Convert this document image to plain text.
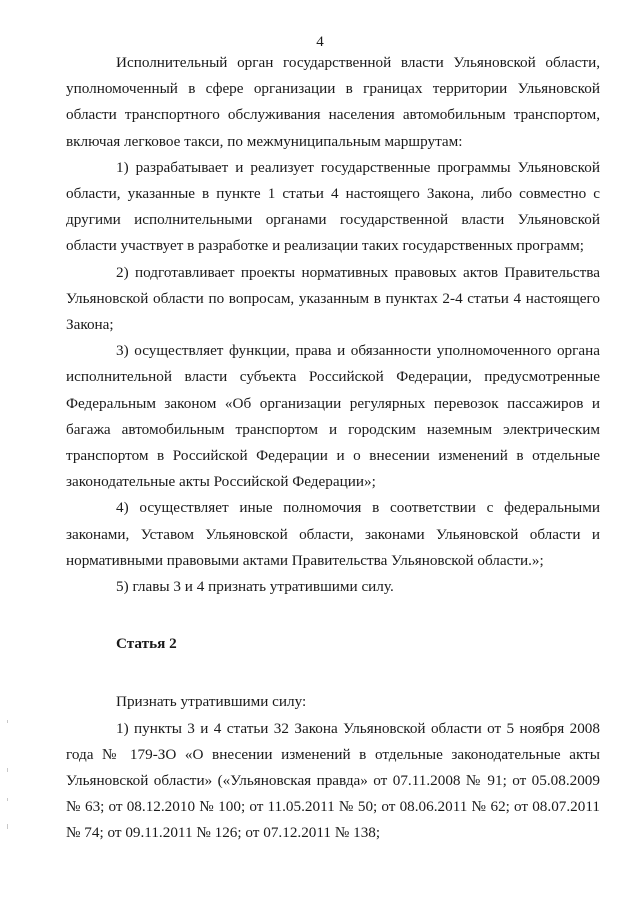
4

Исполнительный орган государственной власти Ульяновской области, уполномоченный в сфере организации в границах территории Ульяновской области транспортного обслуживания населения автомобильным транспортом, включая легковое такси, по межмуниципальным маршрутам:

1) разрабатывает и реализует государственные программы Ульяновской области, указанные в пункте 1 статьи 4 настоящего Закона, либо совместно с другими исполнительными органами государственной власти Ульяновской области участвует в разработке и реализации таких государственных программ;

2) подготавливает проекты нормативных правовых актов Правительства Ульяновской области по вопросам, указанным в пунктах 2-4 статьи 4 настоящего Закона;

3) осуществляет функции, права и обязанности уполномоченного органа исполнительной власти субъекта Российской Федерации, предусмотренные Федеральным законом «Об организации регулярных перевозок пассажиров и багажа автомобильным транспортом и городским наземным электрическим транспортом в Российской Федерации и о внесении изменений в отдельные законодательные акты Российской Федерации»;

4) осуществляет иные полномочия в соответствии с федеральными законами, Уставом Ульяновской области, законами Ульяновской области и нормативными правовыми актами Правительства Ульяновской области.»;

5) главы 3 и 4 признать утратившими силу.

Статья 2

Признать утратившими силу:

1) пункты 3 и 4 статьи 32 Закона Ульяновской области от 5 ноября 2008 года № 179-ЗО «О внесении изменений в отдельные законодательные акты Ульяновской области» («Ульяновская правда» от 07.11.2008 № 91; от 05.08.2009 № 63; от 08.12.2010 № 100; от 11.05.2011 № 50; от 08.06.2011 № 62; от 08.07.2011 № 74; от 09.11.2011 № 126; от 07.12.2011 № 138;
